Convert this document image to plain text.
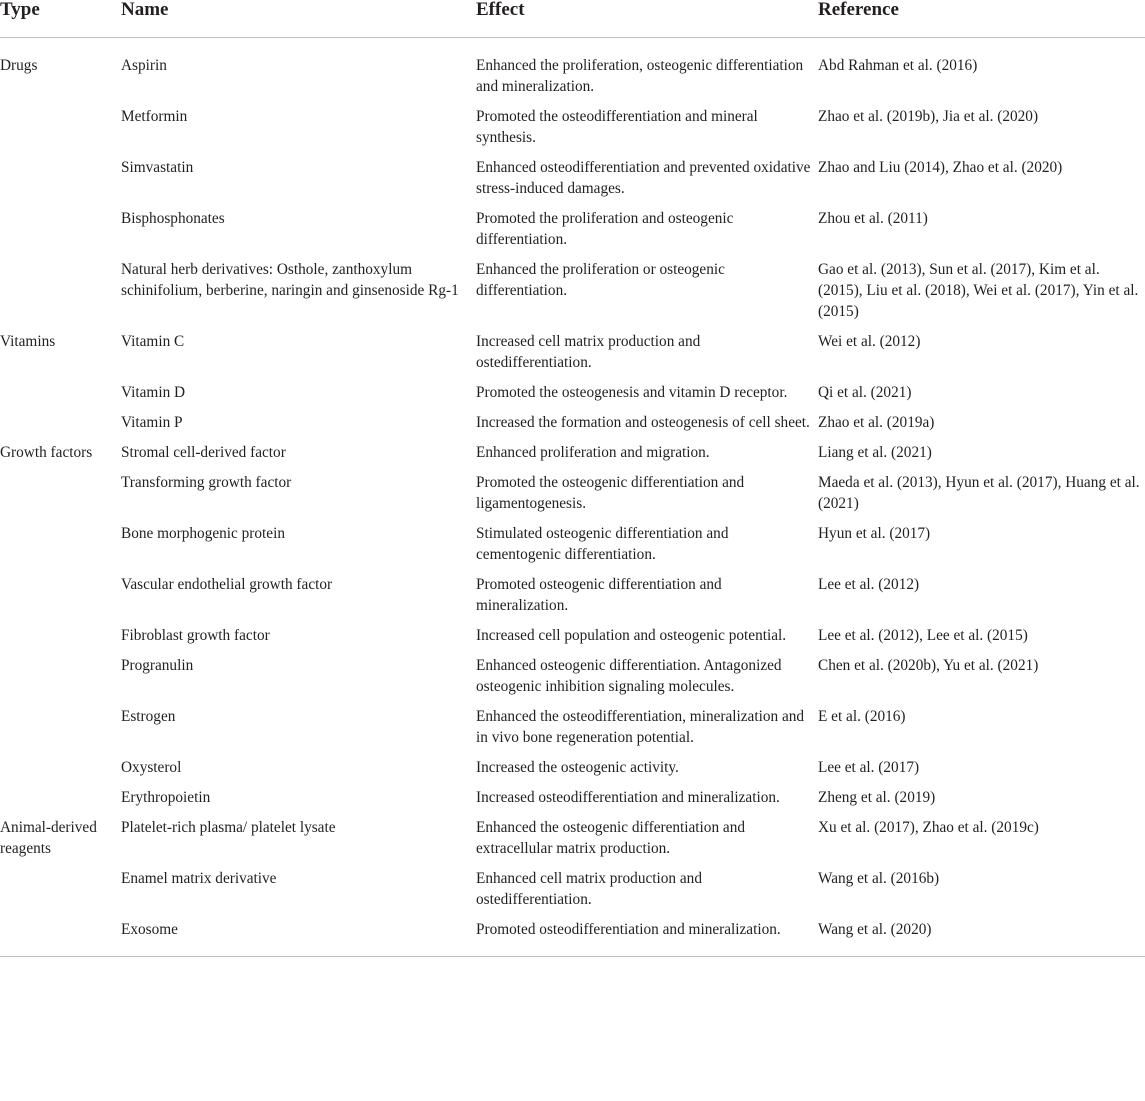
Type	Name	Effect	Reference

Drugs	Aspirin	Enhanced the proliferation, osteogenic differentiation and mineralization.	Abd Rahman et al. (2016)
	Metformin	Promoted the osteodifferentiation and mineral synthesis.	Zhao et al. (2019b), Jia et al. (2020)
	Simvastatin	Enhanced osteodifferentiation and prevented oxidative stress-induced damages.	Zhao and Liu (2014), Zhao et al. (2020)
	Bisphosphonates	Promoted the proliferation and osteogenic differentiation.	Zhou et al. (2011)
	Natural herb derivatives: Osthole, zanthoxylum schinifolium, berberine, naringin and ginsenoside Rg-1	Enhanced the proliferation or osteogenic differentiation.	Gao et al. (2013), Sun et al. (2017), Kim et al. (2015), Liu et al. (2018), Wei et al. (2017), Yin et al. (2015)
Vitamins	Vitamin C	Increased cell matrix production and ostedifferentiation.	Wei et al. (2012)
	Vitamin D	Promoted the osteogenesis and vitamin D receptor.	Qi et al. (2021)
	Vitamin P	Increased the formation and osteogenesis of cell sheet.	Zhao et al. (2019a)
Growth factors	Stromal cell-derived factor	Enhanced proliferation and migration.	Liang et al. (2021)
	Transforming growth factor	Promoted the osteogenic differentiation and ligamentogenesis.	Maeda et al. (2013), Hyun et al. (2017), Huang et al. (2021)
	Bone morphogenic protein	Stimulated osteogenic differentiation and cementogenic differentiation.	Hyun et al. (2017)
	Vascular endothelial growth factor	Promoted osteogenic differentiation and mineralization.	Lee et al. (2012)
	Fibroblast growth factor	Increased cell population and osteogenic potential.	Lee et al. (2012), Lee et al. (2015)
	Progranulin	Enhanced osteogenic differentiation. Antagonized osteogenic inhibition signaling molecules.	Chen et al. (2020b), Yu et al. (2021)
	Estrogen	Enhanced the osteodifferentiation, mineralization and in vivo bone regeneration potential.	E et al. (2016)
	Oxysterol	Increased the osteogenic activity.	Lee et al. (2017)
	Erythropoietin	Increased osteodifferentiation and mineralization.	Zheng et al. (2019)
Animal-derived reagents	Platelet-rich plasma/ platelet lysate	Enhanced the osteogenic differentiation and extracellular matrix production.	Xu et al. (2017), Zhao et al. (2019c)
	Enamel matrix derivative	Enhanced cell matrix production and ostedifferentiation.	Wang et al. (2016b)
	Exosome	Promoted osteodifferentiation and mineralization.	Wang et al. (2020)
